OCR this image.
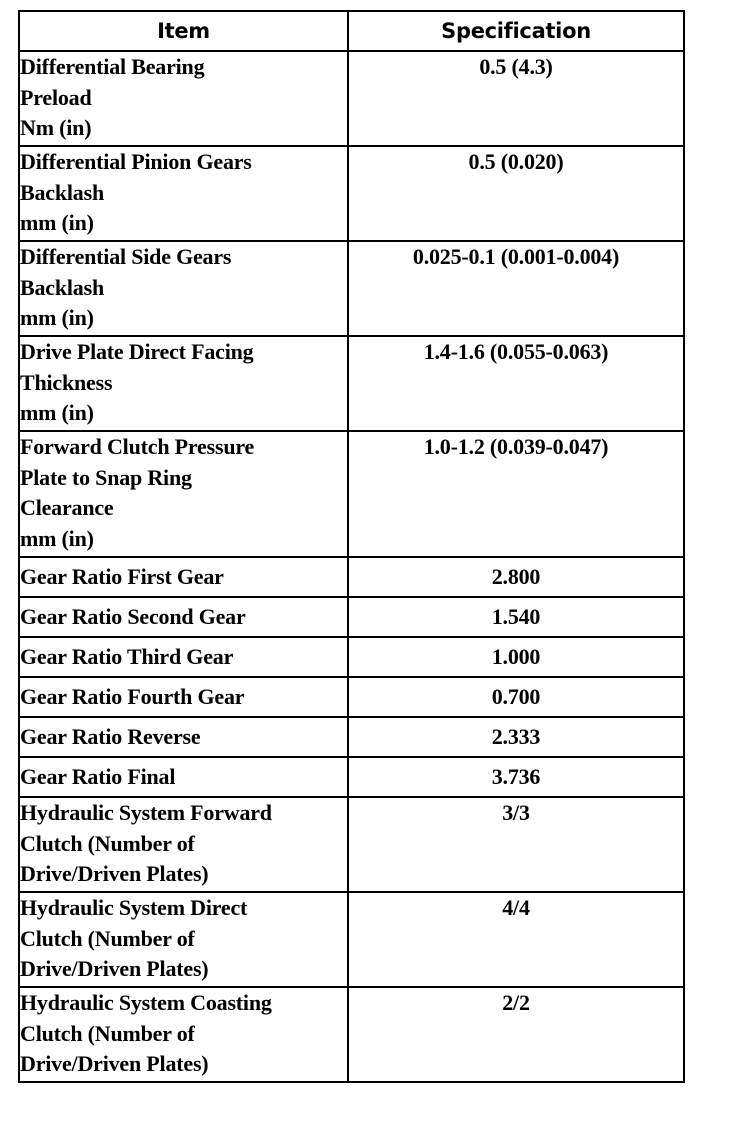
Item	Specification

Differential Bearing
Preload
Nm (in)	0.5 (4.3)

Differential Pinion Gears
Backlash
mm (in)	0.5 (0.020)

Differential Side Gears
Backlash
mm (in)	0.025-0.1 (0.001-0.004)

Drive Plate Direct Facing
Thickness
mm (in)	1.4-1.6 (0.055-0.063)

Forward Clutch Pressure
Plate to Snap Ring
Clearance
mm (in)	1.0-1.2 (0.039-0.047)

Gear Ratio First Gear	2.800

Gear Ratio Second Gear	1.540

Gear Ratio Third Gear	1.000

Gear Ratio Fourth Gear	0.700

Gear Ratio Reverse	2.333

Gear Ratio Final	3.736

Hydraulic System Forward
Clutch (Number of
Drive/Driven Plates)	3/3

Hydraulic System Direct
Clutch (Number of
Drive/Driven Plates)	4/4

Hydraulic System Coasting
Clutch (Number of
Drive/Driven Plates)	2/2
